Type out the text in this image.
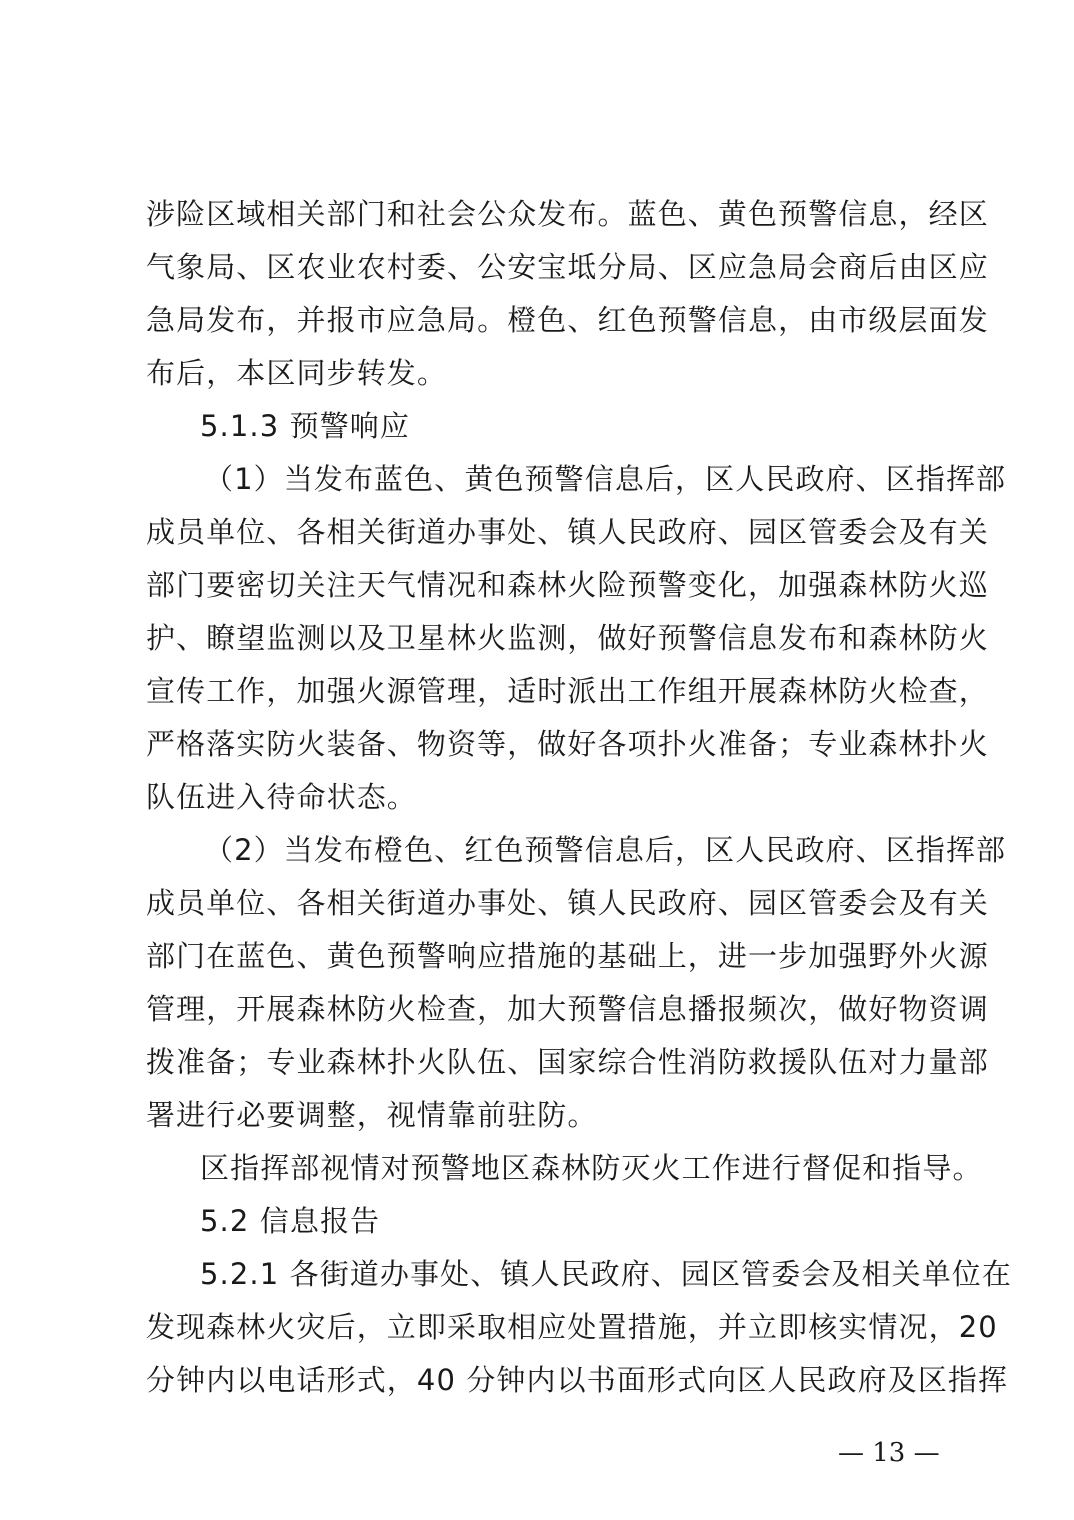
涉险区域相关部门和社会公众发布。蓝色、黄色预警信息，经区
气象局、区农业农村委、公安宝坻分局、区应急局会商后由区应
急局发布，并报市应急局。橙色、红色预警信息，由市级层面发
布后，本区同步转发。
5.1.3 预警响应
（1）当发布蓝色、黄色预警信息后，区人民政府、区指挥部
成员单位、各相关街道办事处、镇人民政府、园区管委会及有关
部门要密切关注天气情况和森林火险预警变化，加强森林防火巡
护、瞭望监测以及卫星林火监测，做好预警信息发布和森林防火
宣传工作，加强火源管理，适时派出工作组开展森林防火检查，
严格落实防火装备、物资等，做好各项扑火准备；专业森林扑火
队伍进入待命状态。
（2）当发布橙色、红色预警信息后，区人民政府、区指挥部
成员单位、各相关街道办事处、镇人民政府、园区管委会及有关
部门在蓝色、黄色预警响应措施的基础上，进一步加强野外火源
管理，开展森林防火检查，加大预警信息播报频次，做好物资调
拨准备；专业森林扑火队伍、国家综合性消防救援队伍对力量部
署进行必要调整，视情靠前驻防。
区指挥部视情对预警地区森林防灭火工作进行督促和指导。
5.2 信息报告
5.2.1 各街道办事处、镇人民政府、园区管委会及相关单位在
发现森林火灾后，立即采取相应处置措施，并立即核实情况，20
分钟内以电话形式，40 分钟内以书面形式向区人民政府及区指挥
— 13 —
